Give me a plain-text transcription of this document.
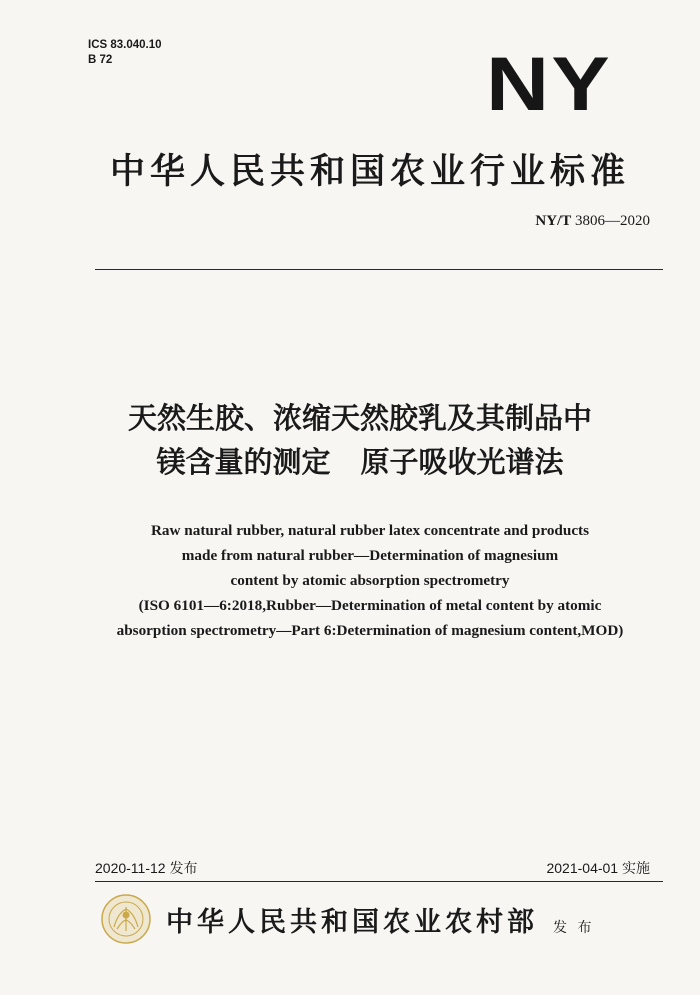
ICS 83.040.10
B 72	NY
中华人民共和国农业行业标准
NY/T 3806—2020
天然生胶、浓缩天然胶乳及其制品中
镁含量的测定 原子吸收光谱法
Raw natural rubber, natural rubber latex concentrate and products
made from natural rubber—Determination of magnesium
content by atomic absorption spectrometry
(ISO 6101—6:2018,Rubber—Determination of metal content by atomic
absorption spectrometry—Part 6:Determination of magnesium content,MOD)
2020-11-12 发布	2021-04-01 实施
中华人民共和国农业农村部 发 布
